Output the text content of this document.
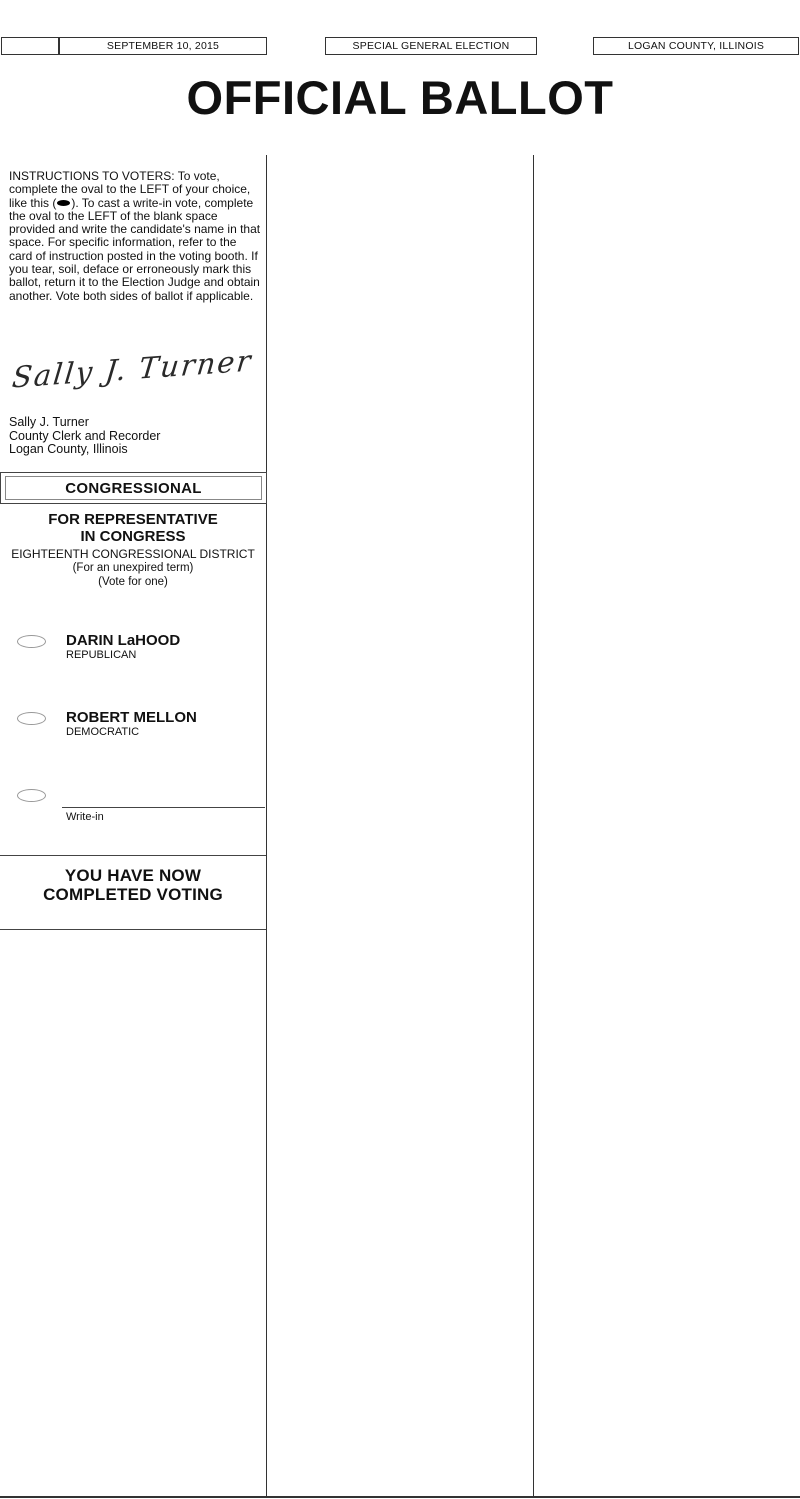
SEPTEMBER 10, 2015	SPECIAL GENERAL ELECTION	LOGAN COUNTY, ILLINOIS
OFFICIAL BALLOT
INSTRUCTIONS TO VOTERS: To vote, complete the oval to the LEFT of your choice, like this ( ). To cast a write-in vote, complete the oval to the LEFT of the blank space provided and write the candidate's name in that space. For specific information, refer to the card of instruction posted in the voting booth. If you tear, soil, deface or erroneously mark this ballot, return it to the Election Judge and obtain another. Vote both sides of ballot if applicable.
Sally J. Turner
Sally J. Turner
County Clerk and Recorder
Logan County, Illinois
CONGRESSIONAL
FOR REPRESENTATIVE
IN CONGRESS
EIGHTEENTH CONGRESSIONAL DISTRICT
(For an unexpired term)
(Vote for one)
DARIN LaHOOD
REPUBLICAN
ROBERT MELLON
DEMOCRATIC
Write-in
YOU HAVE NOW
COMPLETED VOTING
